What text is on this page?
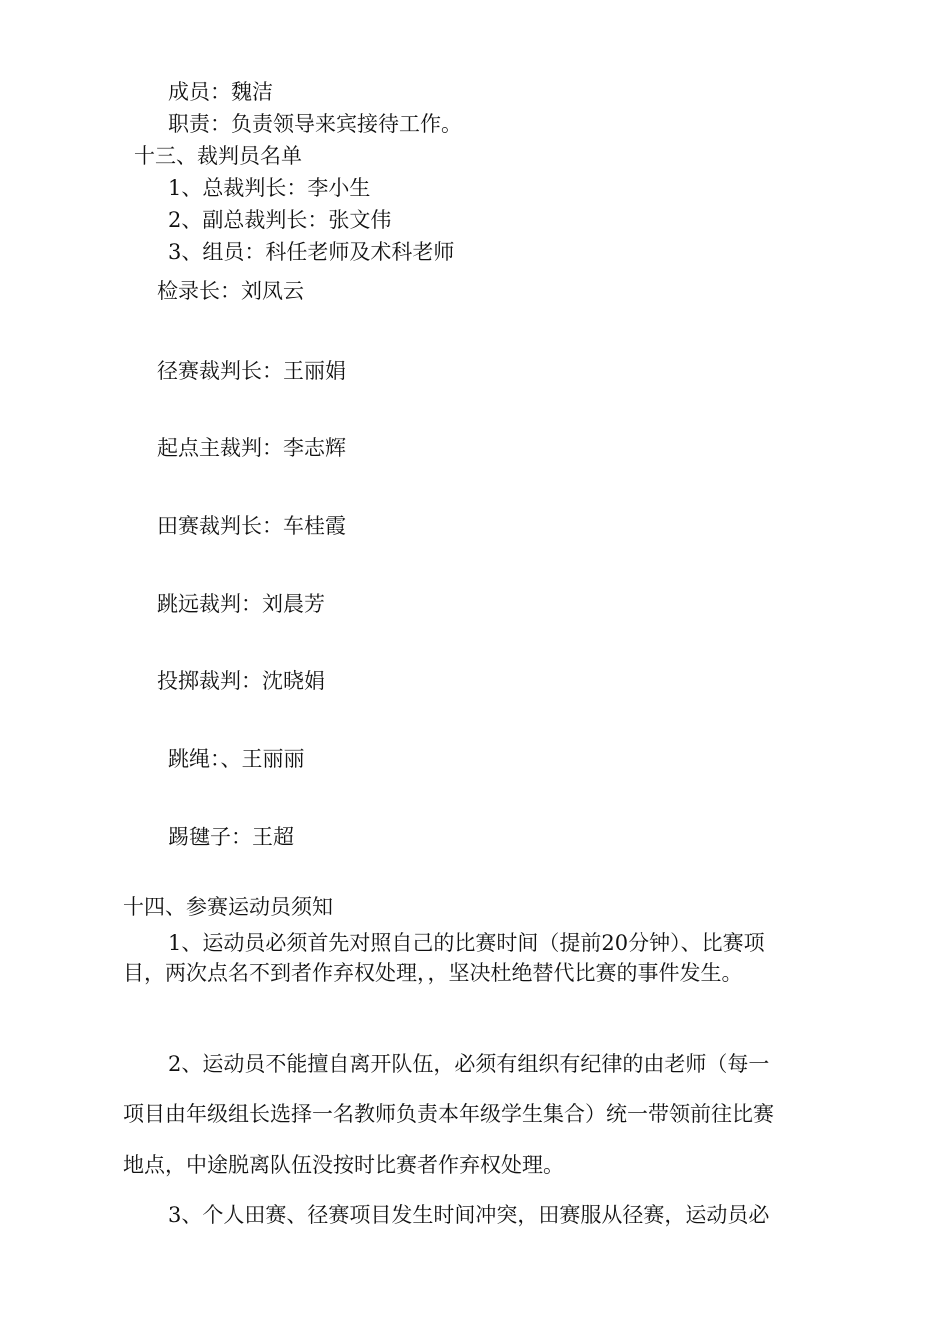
成员：魏洁
职责：负责领导来宾接待工作。
十三、裁判员名单
1、总裁判长：李小生
2、副总裁判长：张文伟
3、组员：科任老师及术科老师
检录长：刘凤云
径赛裁判长：王丽娟
起点主裁判：李志辉
田赛裁判长：车桂霞
跳远裁判：刘晨芳
投掷裁判：沈晓娟
跳绳：、王丽丽
踢毽子：王超
十四、参赛运动员须知
1、运动员必须首先对照自己的比赛时间（提前20分钟）、比赛项
目，两次点名不到者作弃权处理，，坚决杜绝替代比赛的事件发生。
2、运动员不能擅自离开队伍，必须有组织有纪律的由老师（每一
项目由年级组长选择一名教师负责本年级学生集合）统一带领前往比赛
地点，中途脱离队伍没按时比赛者作弃权处理。
3、个人田赛、径赛项目发生时间冲突，田赛服从径赛，运动员必
